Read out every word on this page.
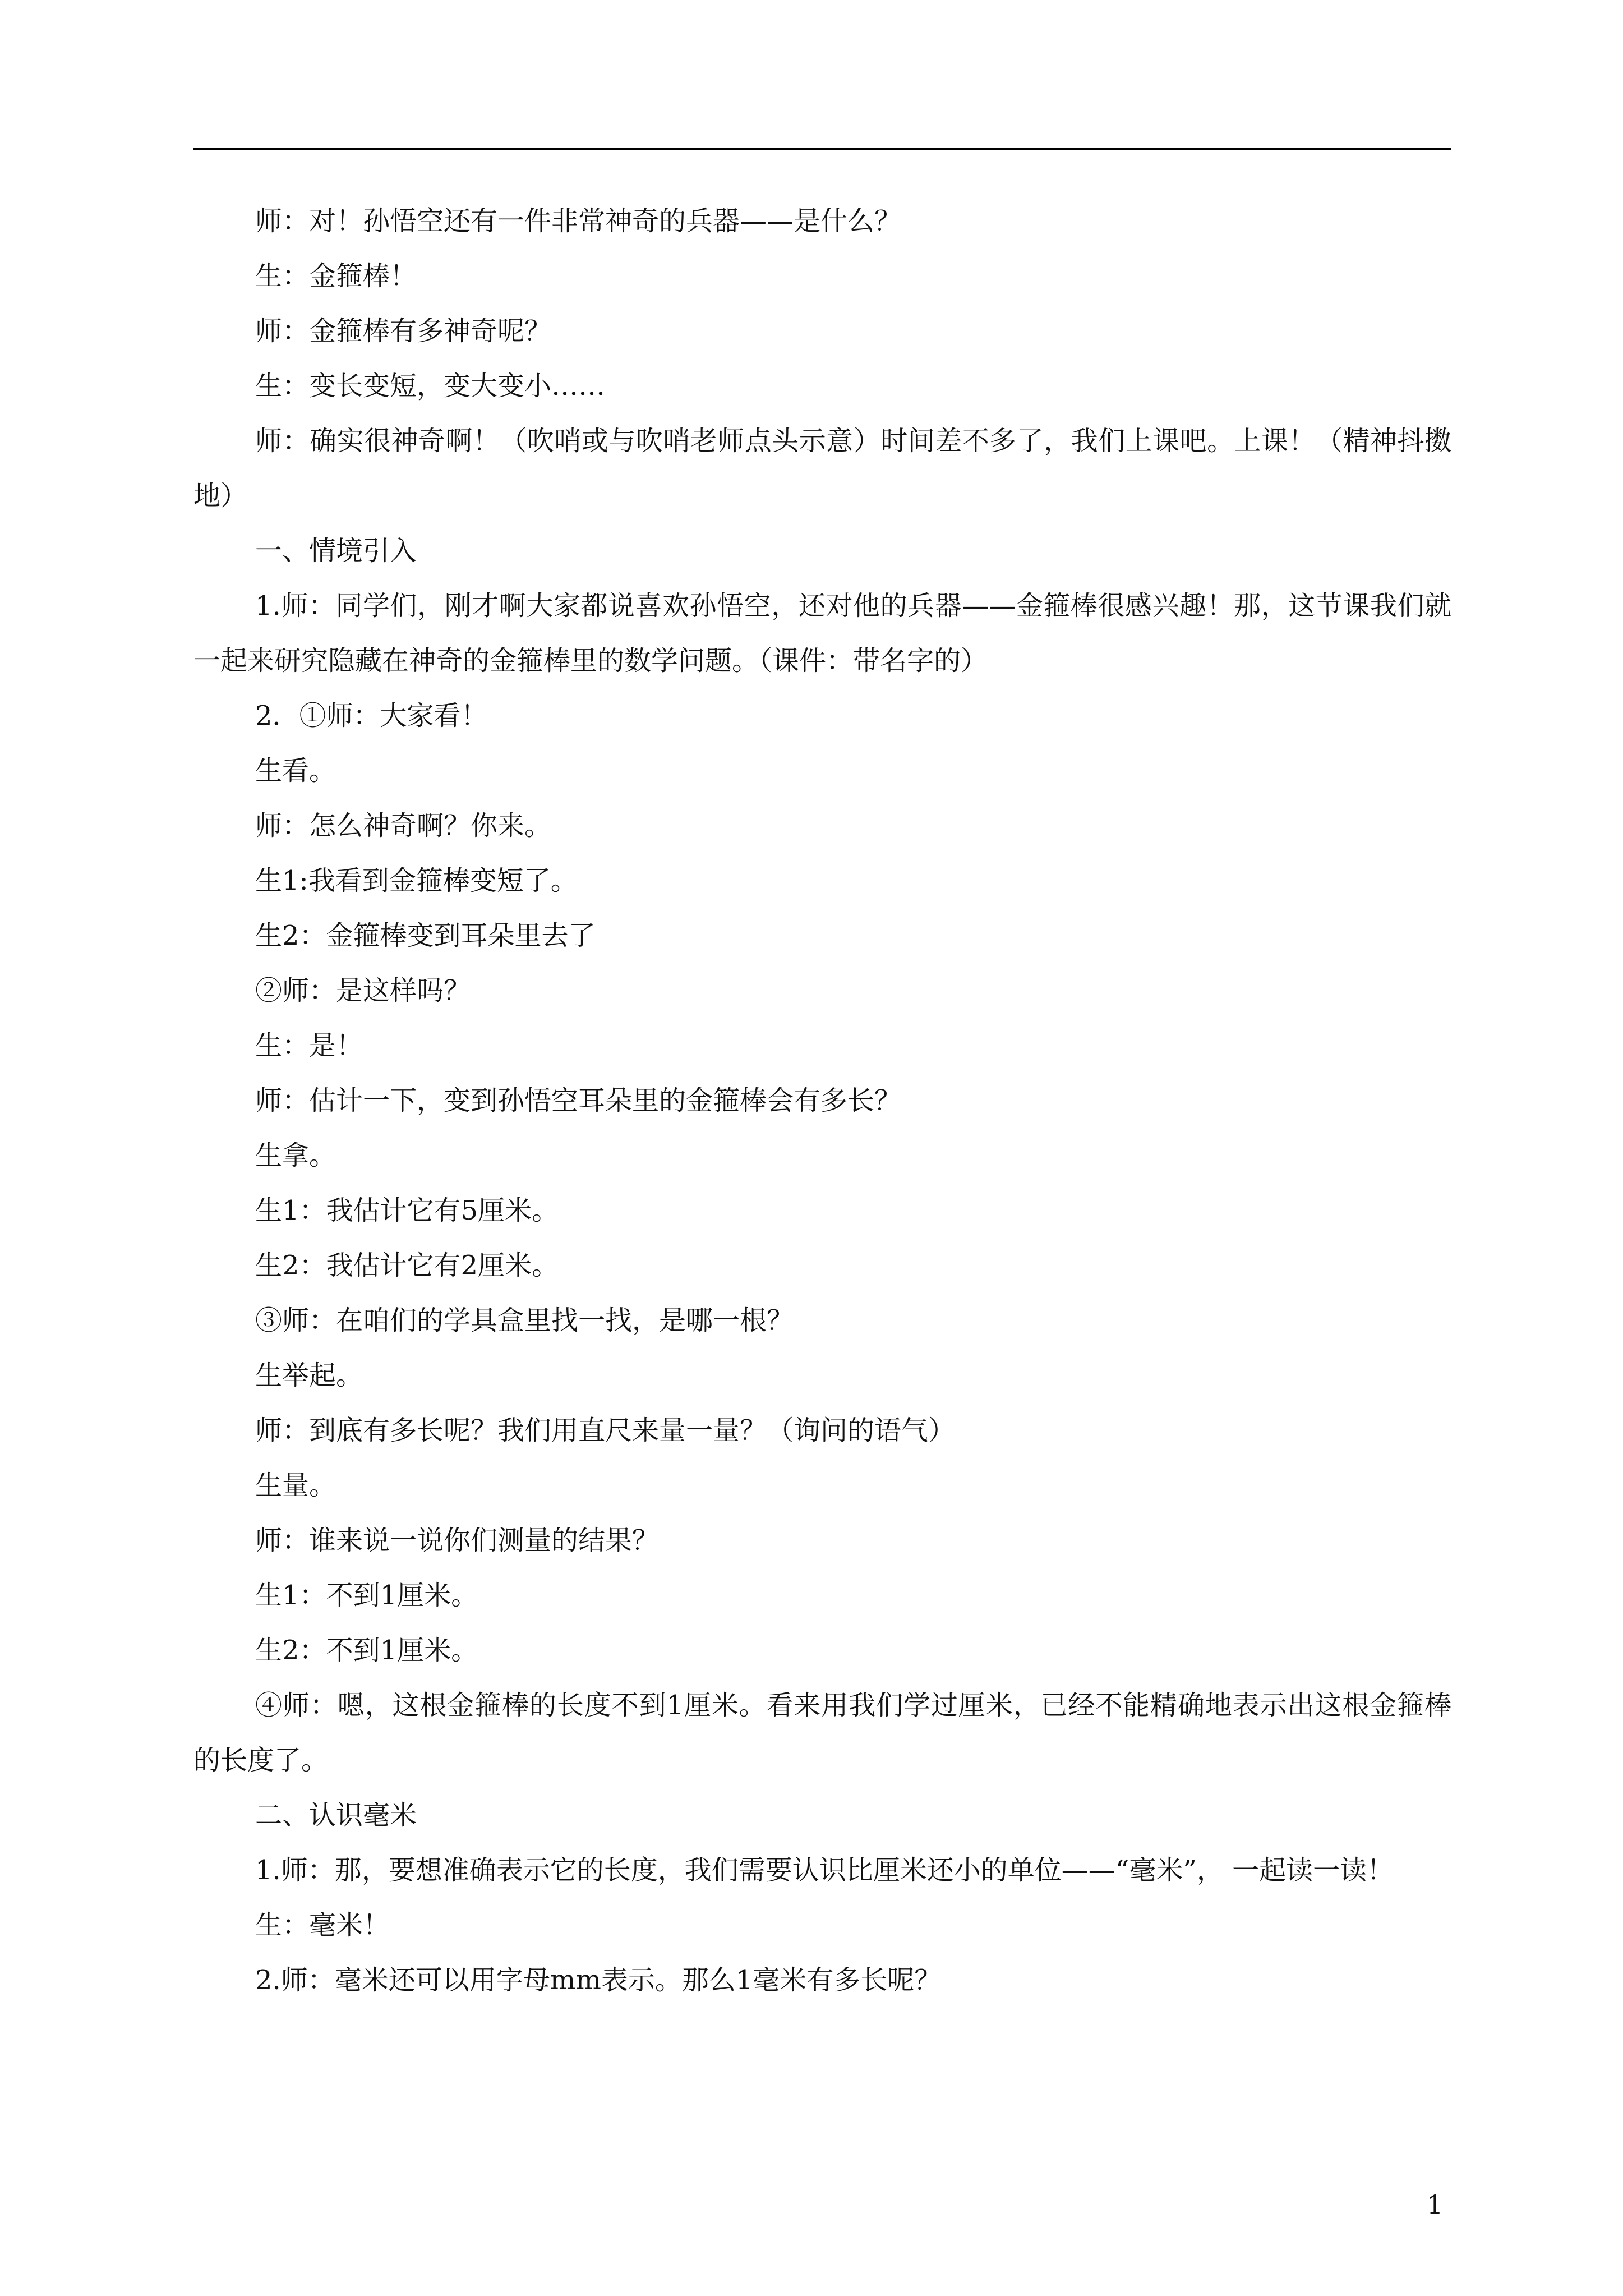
师：对！孙悟空还有一件非常神奇的兵器——是什么？

生：金箍棒！

师：金箍棒有多神奇呢？

生：变长变短，变大变小……

师：确实很神奇啊！（吹哨或与吹哨老师点头示意）时间差不多了，我们上课吧。上课！（精神抖擞地）

一、情境引入

1.师：同学们，刚才啊大家都说喜欢孙悟空，还对他的兵器——金箍棒很感兴趣！那，这节课我们就一起来研究隐藏在神奇的金箍棒里的数学问题。（课件：带名字的）

2．①师：大家看！

生看。

师：怎么神奇啊？你来。

生1:我看到金箍棒变短了。

生2：金箍棒变到耳朵里去了

②师：是这样吗？

生：是！

师：估计一下，变到孙悟空耳朵里的金箍棒会有多长？

生拿。

生1：我估计它有5厘米。

生2：我估计它有2厘米。

③师：在咱们的学具盒里找一找，是哪一根？

生举起。

师：到底有多长呢？我们用直尺来量一量？（询问的语气）

生量。

师：谁来说一说你们测量的结果？

生1：不到1厘米。

生2：不到1厘米。

④师：嗯，这根金箍棒的长度不到1厘米。看来用我们学过厘米，已经不能精确地表示出这根金箍棒的长度了。

二、认识毫米

1.师：那，要想准确表示它的长度，我们需要认识比厘米还小的单位——“毫米”， 一起读一读！

生：毫米！

2.师：毫米还可以用字母mm表示。那么1毫米有多长呢？

1
